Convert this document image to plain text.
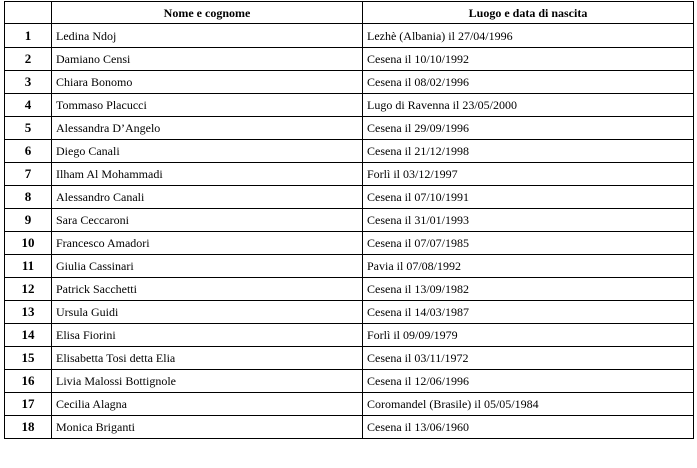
	Nome e cognome	Luogo e data di nascita
1	Ledina Ndoj	Lezhè (Albania) il 27/04/1996
2	Damiano Censi	Cesena il 10/10/1992
3	Chiara Bonomo	Cesena il 08/02/1996
4	Tommaso Placucci	Lugo di Ravenna il 23/05/2000
5	Alessandra D’Angelo	Cesena il 29/09/1996
6	Diego Canali	Cesena il 21/12/1998
7	Ilham Al Mohammadi	Forlì il 03/12/1997
8	Alessandro Canali	Cesena il 07/10/1991
9	Sara Ceccaroni	Cesena il 31/01/1993
10	Francesco Amadori	Cesena il 07/07/1985
11	Giulia Cassinari	Pavia il 07/08/1992
12	Patrick Sacchetti	Cesena il 13/09/1982
13	Ursula Guidi	Cesena il 14/03/1987
14	Elisa Fiorini	Forlì il 09/09/1979
15	Elisabetta Tosi detta Elia	Cesena il 03/11/1972
16	Livia Malossi Bottignole	Cesena il 12/06/1996
17	Cecilia Alagna	Coromandel (Brasile) il 05/05/1984
18	Monica Briganti	Cesena il 13/06/1960
